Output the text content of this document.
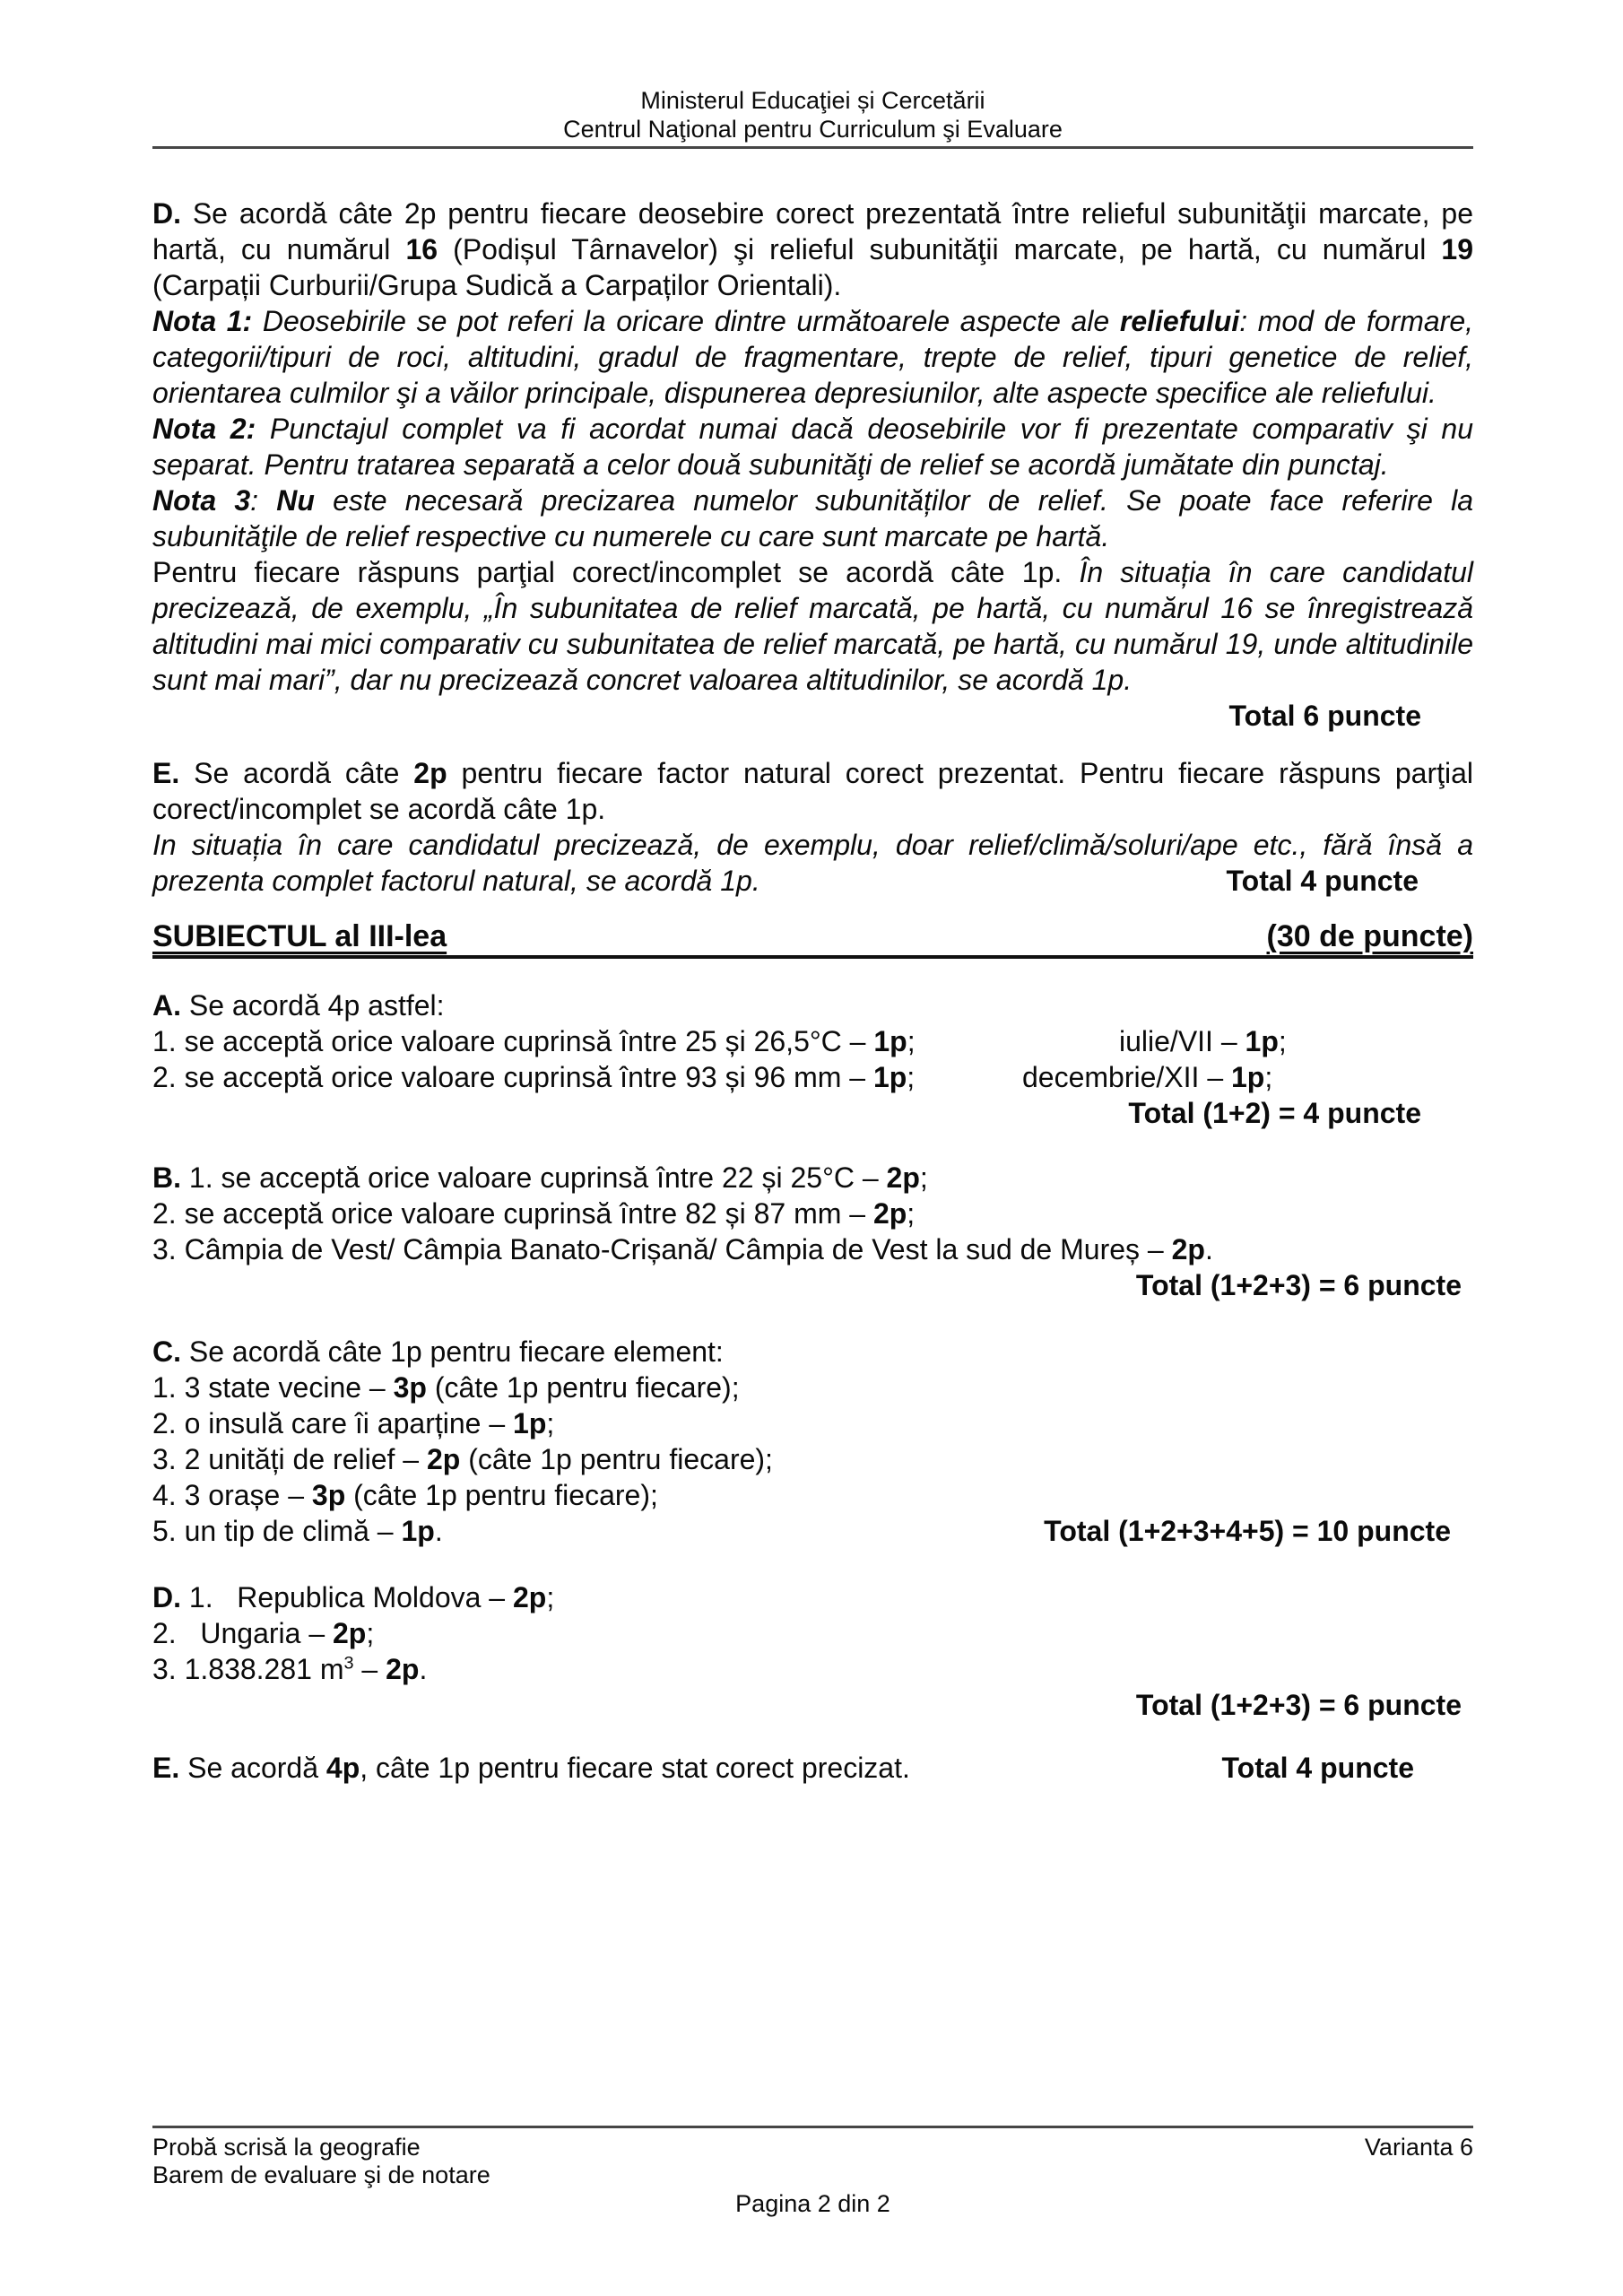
Ministerul Educaţiei și Cercetării
Centrul Naţional pentru Curriculum şi Evaluare

D. Se acordă câte 2p pentru fiecare deosebire corect prezentată între relieful subunităţii marcate, pe hartă, cu numărul 16 (Podișul Târnavelor) şi relieful subunităţii marcate, pe hartă, cu numărul 19 (Carpații Curburii/Grupa Sudică a Carpaților Orientali).

Nota 1: Deosebirile se pot referi la oricare dintre următoarele aspecte ale reliefului: mod de formare, categorii/tipuri de roci, altitudini, gradul de fragmentare, trepte de relief, tipuri genetice de relief, orientarea culmilor şi a văilor principale, dispunerea depresiunilor, alte aspecte specifice ale reliefului.

Nota 2: Punctajul complet va fi acordat numai dacă deosebirile vor fi prezentate comparativ şi nu separat. Pentru tratarea separată a celor două subunităţi de relief se acordă jumătate din punctaj.

Nota 3: Nu este necesară precizarea numelor subunităților de relief. Se poate face referire la subunităţile de relief respective cu numerele cu care sunt marcate pe hartă.

Pentru fiecare răspuns parţial corect/incomplet se acordă câte 1p. În situația în care candidatul precizează, de exemplu, „În subunitatea de relief marcată, pe hartă, cu numărul 16 se înregistrează altitudini mai mici comparativ cu subunitatea de relief marcată, pe hartă, cu numărul 19, unde altitudinile sunt mai mari”, dar nu precizează concret valoarea altitudinilor, se acordă 1p.

Total 6 puncte

E. Se acordă câte 2p pentru fiecare factor natural corect prezentat. Pentru fiecare răspuns parţial corect/incomplet se acordă câte 1p.

In situația în care candidatul precizează, de exemplu, doar relief/climă/soluri/ape etc., fără însă a prezenta complet factorul natural, se acordă 1p.	Total 4 puncte

SUBIECTUL al III-lea	(30 de puncte)

A. Se acordă 4p astfel:

1. se acceptă orice valoare cuprinsă între 25 și 26,5°C – 1p;	iulie/VII – 1p;

2. se acceptă orice valoare cuprinsă între 93 și 96 mm – 1p;	decembrie/XII – 1p;

Total (1+2) = 4 puncte

B. 1. se acceptă orice valoare cuprinsă între 22 și 25°C – 2p;

2. se acceptă orice valoare cuprinsă între 82 și 87 mm – 2p;

3. Câmpia de Vest/ Câmpia Banato-Crișană/ Câmpia de Vest la sud de Mureș – 2p.

Total (1+2+3) = 6 puncte

C. Se acordă câte 1p pentru fiecare element:

1. 3 state vecine – 3p (câte 1p pentru fiecare);

2. o insulă care îi aparține – 1p;

3. 2 unități de relief – 2p (câte 1p pentru fiecare);

4. 3 orașe – 3p (câte 1p pentru fiecare);

5. un tip de climă – 1p.	Total (1+2+3+4+5) = 10 puncte

D. 1.   Republica Moldova – 2p;

2.   Ungaria – 2p;

3. 1.838.281 $m^3 - 2p$.

Total (1+2+3) = 6 puncte

E. Se acordă 4p, câte 1p pentru fiecare stat corect precizat.	Total 4 puncte
Probă scrisă la geografie	Varianta 6
Barem de evaluare şi de notare
Pagina 2 din 2
